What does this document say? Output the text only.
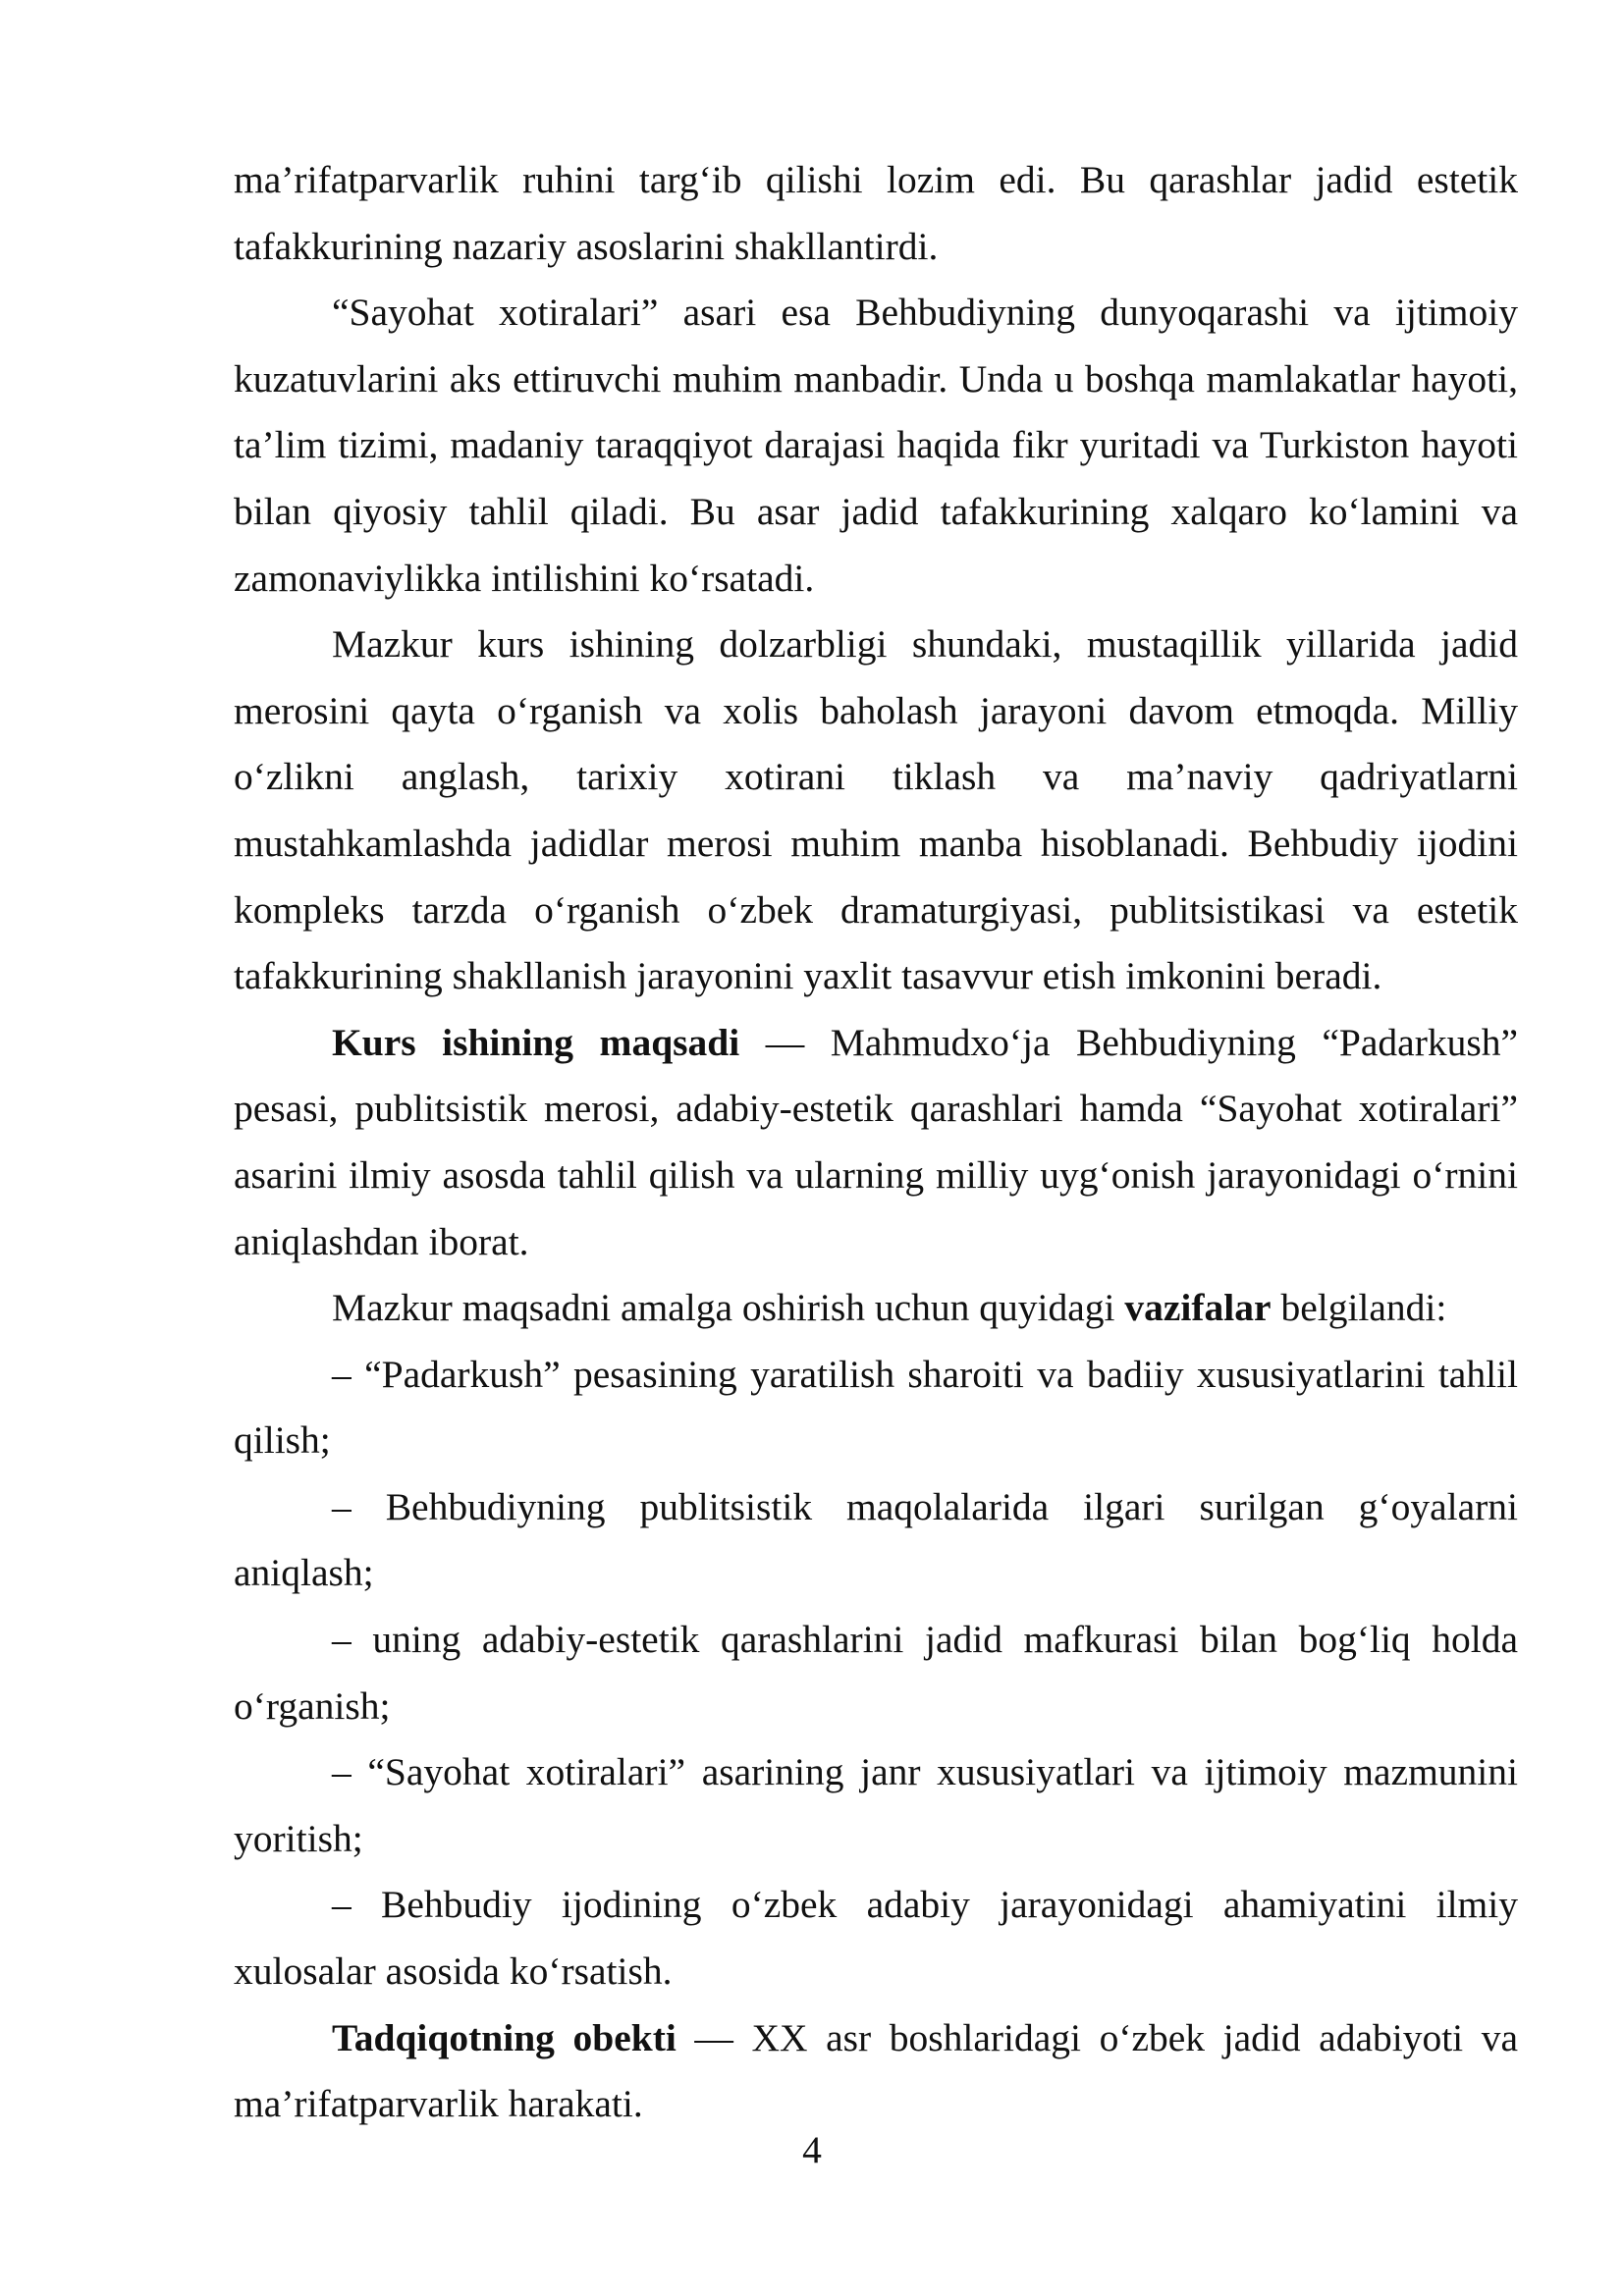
ma’rifatparvarlik ruhini targ‘ib qilishi lozim edi. Bu qarashlar jadid estetik tafakkurining nazariy asoslarini shakllantirdi.

“Sayohat xotiralari” asari esa Behbudiyning dunyoqarashi va ijtimoiy kuzatuvlarini aks ettiruvchi muhim manbadir. Unda u boshqa mamlakatlar hayoti, ta’lim tizimi, madaniy taraqqiyot darajasi haqida fikr yuritadi va Turkiston hayoti bilan qiyosiy tahlil qiladi. Bu asar jadid tafakkurining xalqaro ko‘lamini va zamonaviylikka intilishini ko‘rsatadi.

Mazkur kurs ishining dolzarbligi shundaki, mustaqillik yillarida jadid merosini qayta o‘rganish va xolis baholash jarayoni davom etmoqda. Milliy o‘zlikni anglash, tarixiy xotirani tiklash va ma’naviy qadriyatlarni mustahkamlashda jadidlar merosi muhim manba hisoblanadi. Behbudiy ijodini kompleks tarzda o‘rganish o‘zbek dramaturgiyasi, publitsistikasi va estetik tafakkurining shakllanish jarayonini yaxlit tasavvur etish imkonini beradi.

Kurs ishining maqsadi — Mahmudxo‘ja Behbudiyning “Padarkush” pesasi, publitsistik merosi, adabiy-estetik qarashlari hamda “Sayohat xotiralari” asarini ilmiy asosda tahlil qilish va ularning milliy uyg‘onish jarayonidagi o‘rnini aniqlashdan iborat.

Mazkur maqsadni amalga oshirish uchun quyidagi vazifalar belgilandi:

– “Padarkush” pesasining yaratilish sharoiti va badiiy xususiyatlarini tahlil qilish;

– Behbudiyning publitsistik maqolalarida ilgari surilgan g‘oyalarni aniqlash;

– uning adabiy-estetik qarashlarini jadid mafkurasi bilan bog‘liq holda o‘rganish;

– “Sayohat xotiralari” asarining janr xususiyatlari va ijtimoiy mazmunini yoritish;

– Behbudiy ijodining o‘zbek adabiy jarayonidagi ahamiyatini ilmiy xulosalar asosida ko‘rsatish.

Tadqiqotning obekti — XX asr boshlaridagi o‘zbek jadid adabiyoti va ma’rifatparvarlik harakati.

4
